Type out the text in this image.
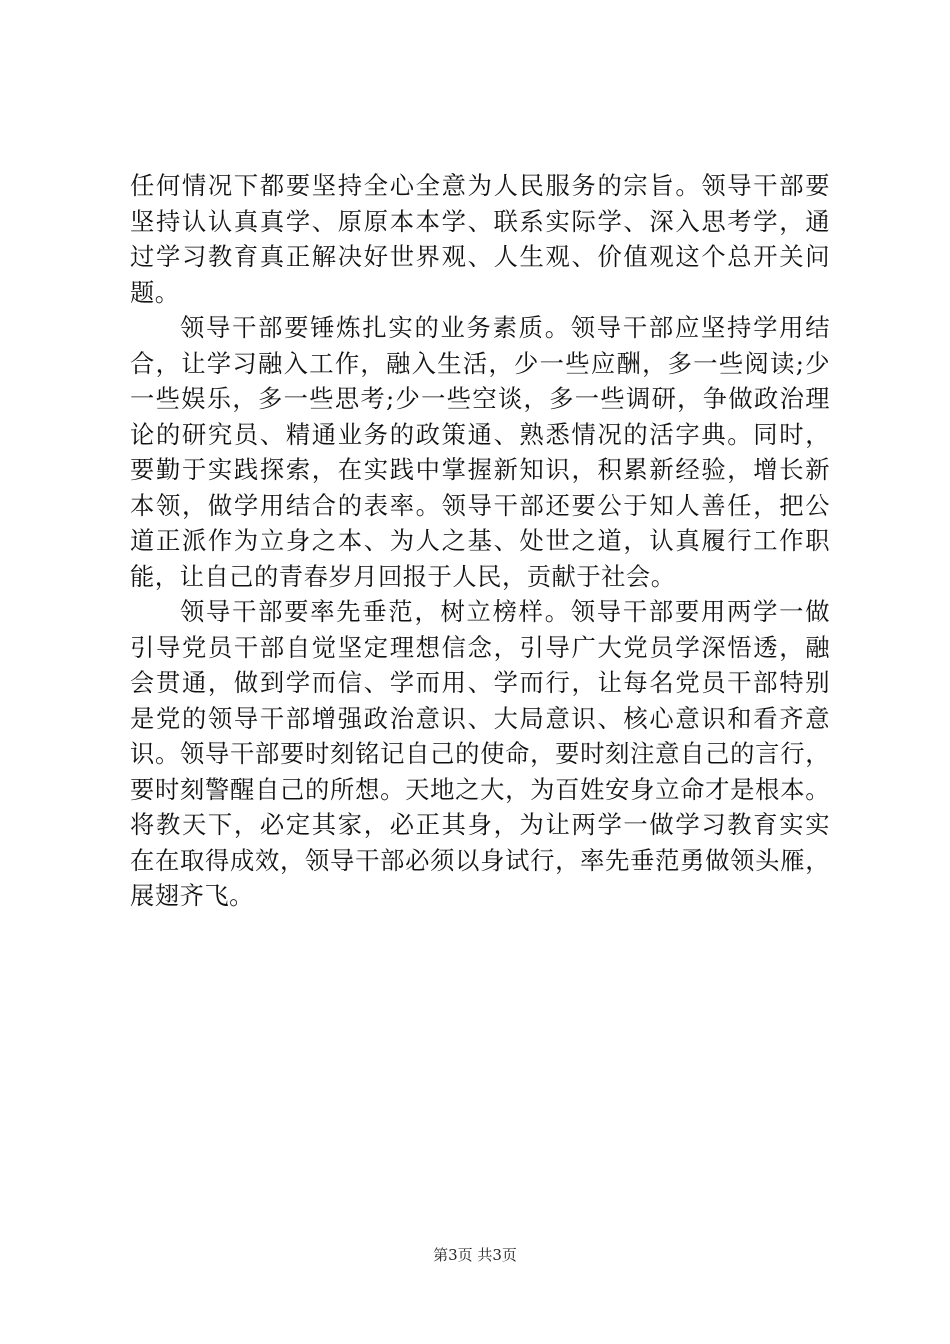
任何情况下都要坚持全心全意为人民服务的宗旨。领导干部要
坚持认认真真学、原原本本学、联系实际学、深入思考学，通
过学习教育真正解决好世界观、人生观、价值观这个总开关问
题。
领导干部要锤炼扎实的业务素质。领导干部应坚持学用结
合，让学习融入工作，融入生活，少一些应酬，多一些阅读;少
一些娱乐，多一些思考;少一些空谈，多一些调研，争做政治理
论的研究员、精通业务的政策通、熟悉情况的活字典。同时，
要勤于实践探索，在实践中掌握新知识，积累新经验，增长新
本领，做学用结合的表率。领导干部还要公于知人善任，把公
道正派作为立身之本、为人之基、处世之道，认真履行工作职
能，让自己的青春岁月回报于人民，贡献于社会。
领导干部要率先垂范，树立榜样。领导干部要用两学一做
引导党员干部自觉坚定理想信念，引导广大党员学深悟透，融
会贯通，做到学而信、学而用、学而行，让每名党员干部特别
是党的领导干部增强政治意识、大局意识、核心意识和看齐意
识。领导干部要时刻铭记自己的使命，要时刻注意自己的言行，
要时刻警醒自己的所想。天地之大，为百姓安身立命才是根本。
将教天下，必定其家，必正其身，为让两学一做学习教育实实
在在取得成效，领导干部必须以身试行，率先垂范勇做领头雁，
展翅齐飞。
第3页 共3页
